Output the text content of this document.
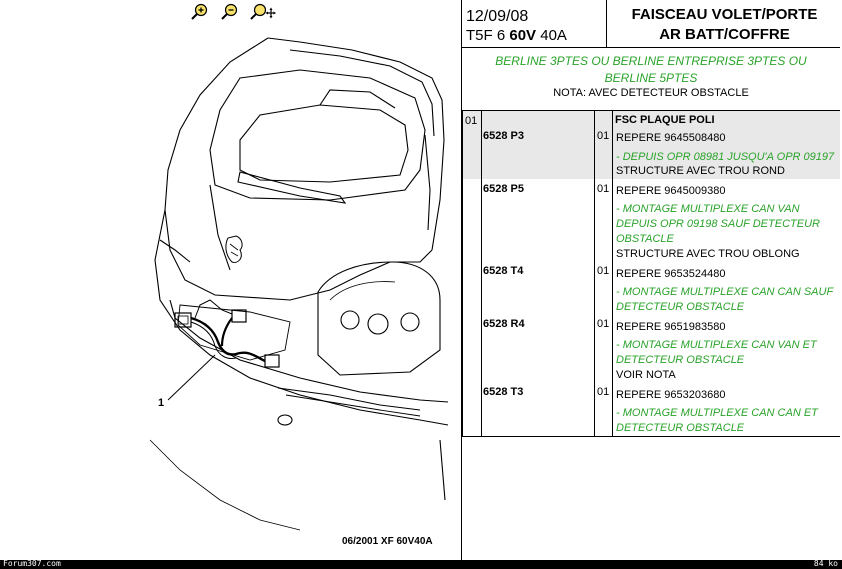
1
06/2001 XF 60V40A
12/09/08
T5F 6 60V 40A
FAISCEAU VOLET/PORTE
AR BATT/COFFRE
BERLINE 3PTES OU BERLINE ENTREPRISE 3PTES OU
BERLINE 5PTES
NOTA: AVEC DETECTEUR OBSTACLE
01	FSC PLAQUE POLI
6528 P3	01 REPERE 9645508480
- DEPUIS OPR 08981 JUSQU'A OPR 09197
STRUCTURE AVEC TROU ROND
6528 P5	01 REPERE 9645009380
- MONTAGE MULTIPLEXE CAN VAN
DEPUIS OPR 09198 SAUF DETECTEUR
OBSTACLE
STRUCTURE AVEC TROU OBLONG
6528 T4	01 REPERE 9653524480
- MONTAGE MULTIPLEXE CAN CAN SAUF
DETECTEUR OBSTACLE
6528 R4	01 REPERE 9651983580
- MONTAGE MULTIPLEXE CAN VAN ET
DETECTEUR OBSTACLE
VOIR NOTA
6528 T3	01 REPERE 9653203680
- MONTAGE MULTIPLEXE CAN CAN ET
DETECTEUR OBSTACLE
Forum307.com	84 ko
